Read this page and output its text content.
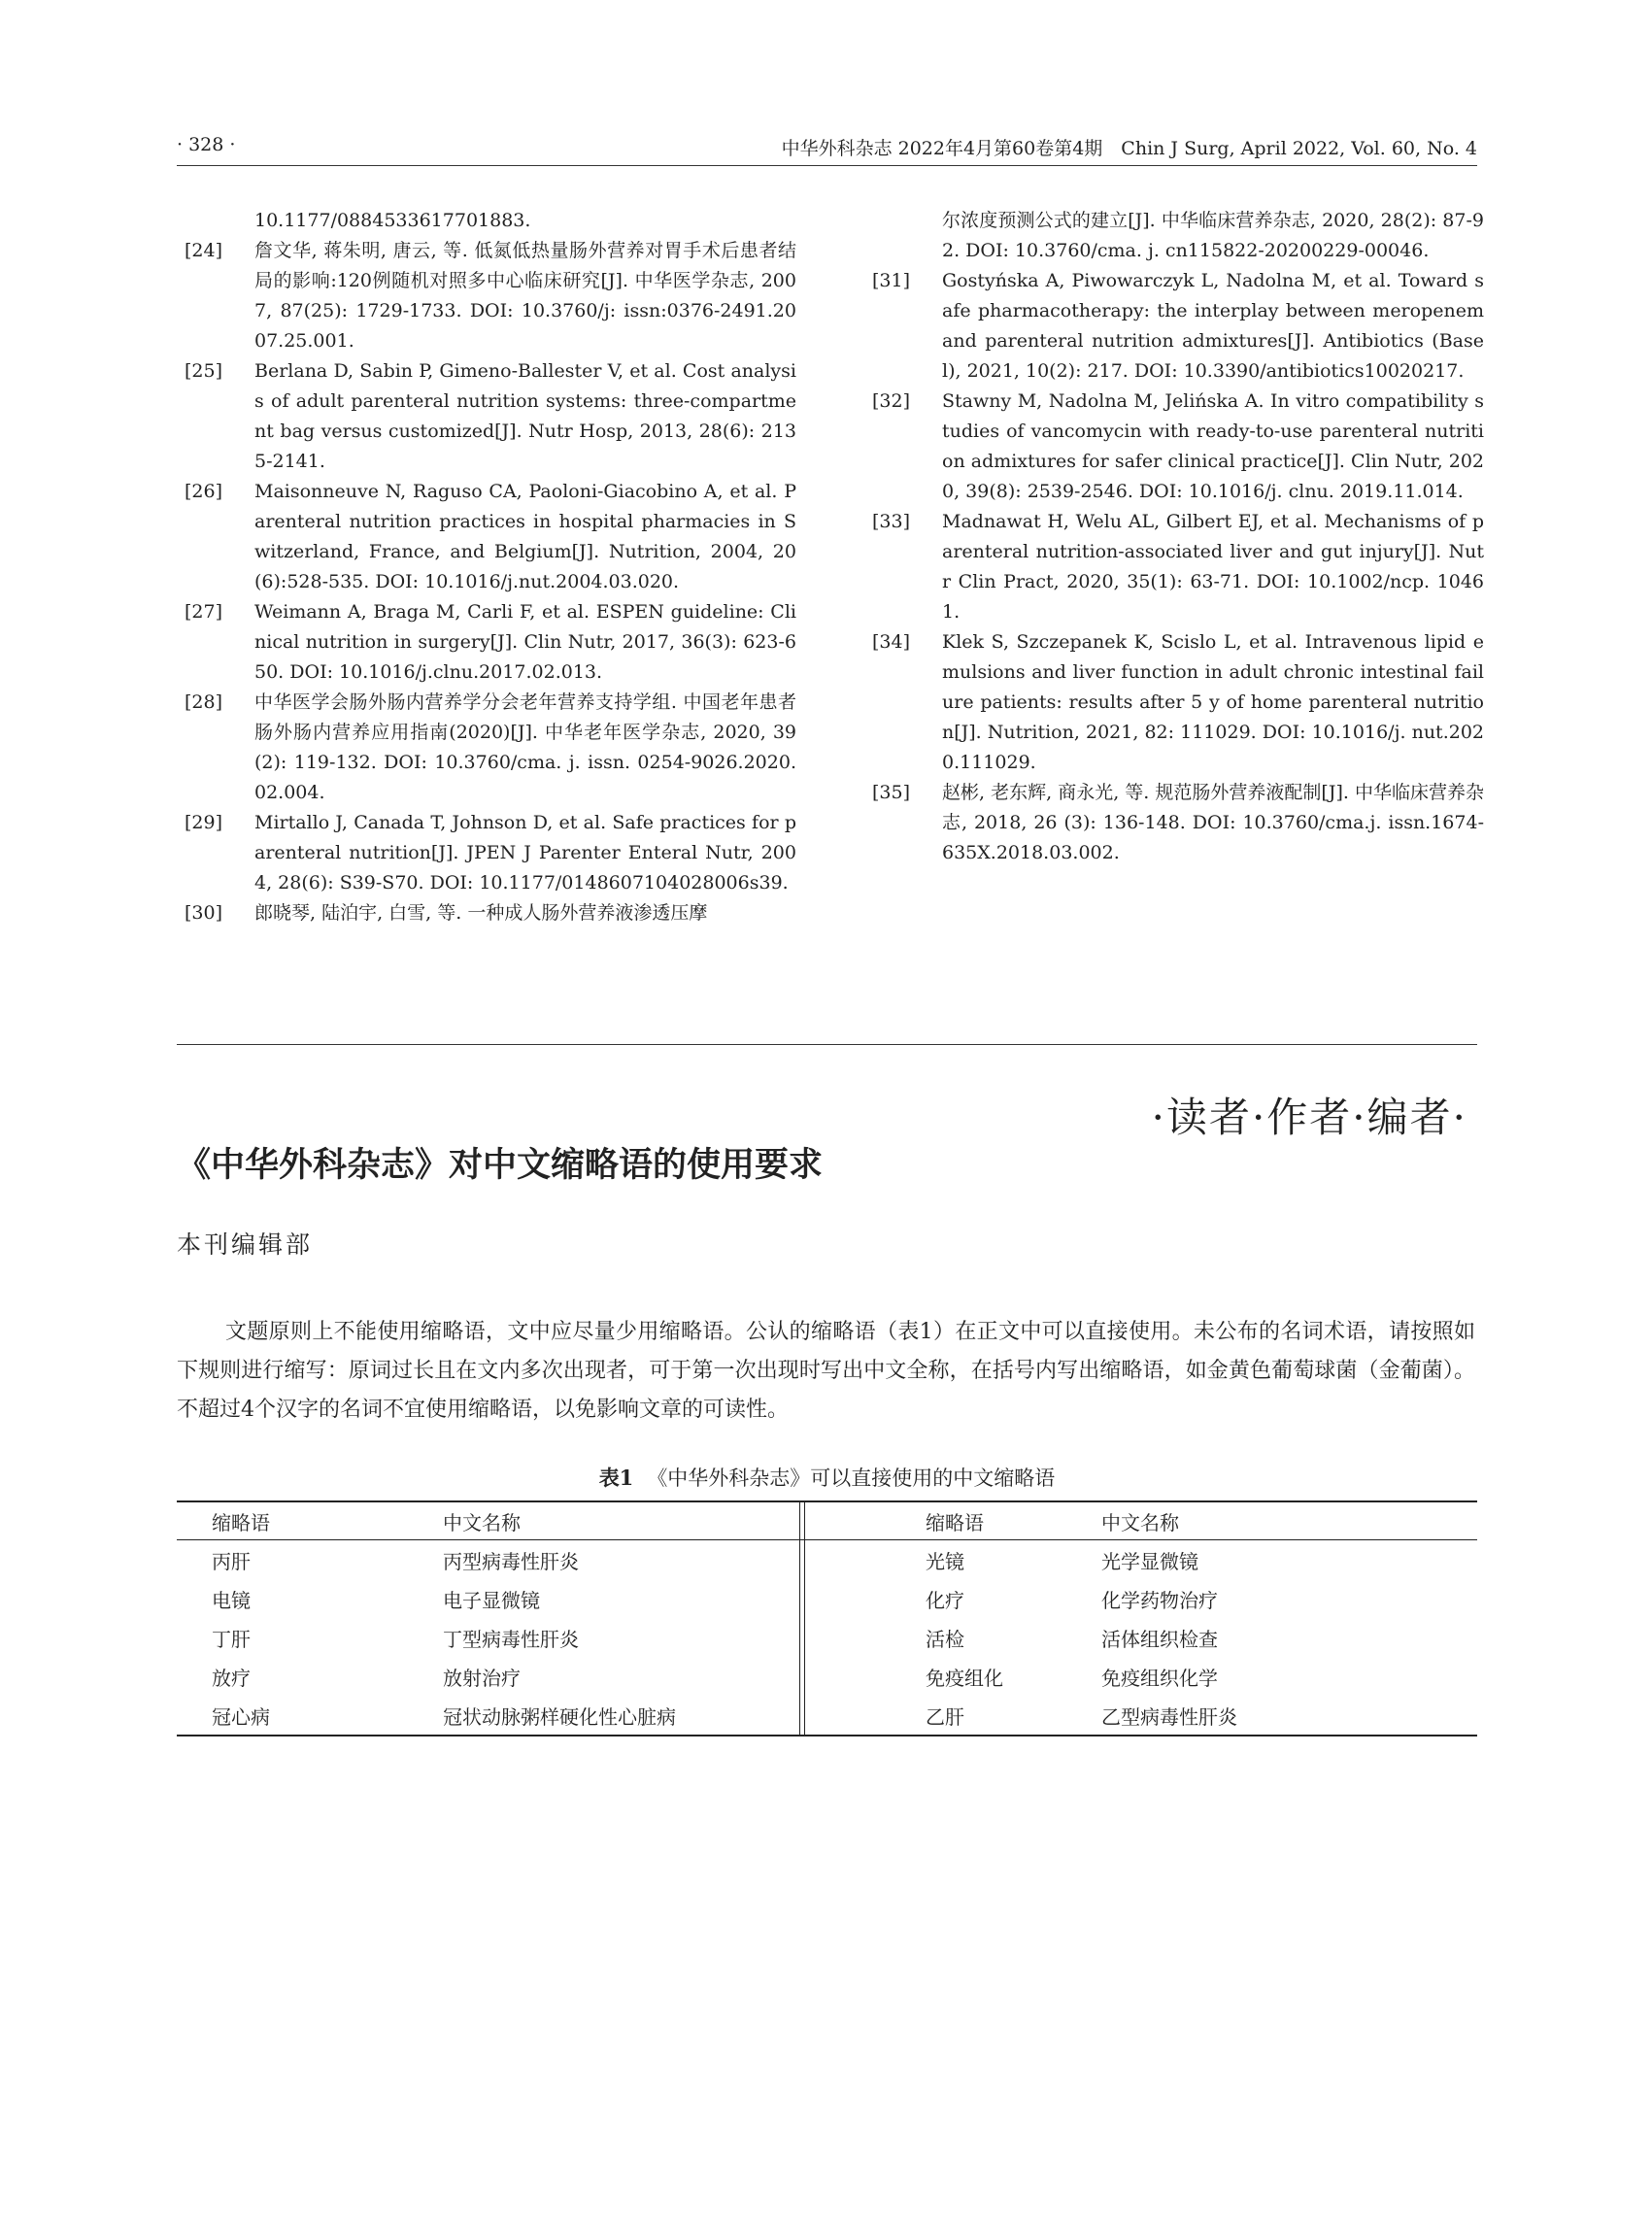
· 328 ·	中华外科杂志 2022年4月第60卷第4期　Chin J Surg, April 2022, Vol. 60, No. 4

10.1177/0884533617701883.

[24] 詹文华, 蒋朱明, 唐云, 等. 低氮低热量肠外营养对胃手术后患者结局的影响:120例随机对照多中心临床研究[J]. 中华医学杂志, 2007, 87(25): 1729-1733. DOI: 10.3760/j: issn:0376-2491.2007.25.001.

[25] Berlana D, Sabin P, Gimeno-Ballester V, et al. Cost analysis of adult parenteral nutrition systems: three-compartment bag versus customized[J]. Nutr Hosp, 2013, 28(6): 2135-2141.

[26] Maisonneuve N, Raguso CA, Paoloni-Giacobino A, et al. Parenteral nutrition practices in hospital pharmacies in Switzerland, France, and Belgium[J]. Nutrition, 2004, 20(6):528-535. DOI: 10.1016/j.nut.2004.03.020.

[27] Weimann A, Braga M, Carli F, et al. ESPEN guideline: Clinical nutrition in surgery[J]. Clin Nutr, 2017, 36(3): 623-650. DOI: 10.1016/j.clnu.2017.02.013.

[28] 中华医学会肠外肠内营养学分会老年营养支持学组. 中国老年患者肠外肠内营养应用指南(2020)[J]. 中华老年医学杂志, 2020, 39(2): 119-132. DOI: 10.3760/cma. j. issn. 0254-9026.2020.02.004.

[29] Mirtallo J, Canada T, Johnson D, et al. Safe practices for parenteral nutrition[J]. JPEN J Parenter Enteral Nutr, 2004, 28(6): S39-S70. DOI: 10.1177/0148607104028006s39.

[30] 郎晓琴, 陆泊宇, 白雪, 等. 一种成人肠外营养液渗透压摩

尔浓度预测公式的建立[J]. 中华临床营养杂志, 2020, 28(2): 87-92. DOI: 10.3760/cma. j. cn115822-20200229-00046.

[31] Gostyńska A, Piwowarczyk L, Nadolna M, et al. Toward safe pharmacotherapy: the interplay between meropenem and parenteral nutrition admixtures[J]. Antibiotics (Basel), 2021, 10(2): 217. DOI: 10.3390/antibiotics10020217.

[32] Stawny M, Nadolna M, Jelińska A. In vitro compatibility studies of vancomycin with ready-to-use parenteral nutrition admixtures for safer clinical practice[J]. Clin Nutr, 2020, 39(8): 2539-2546. DOI: 10.1016/j. clnu. 2019.11.014.

[33] Madnawat H, Welu AL, Gilbert EJ, et al. Mechanisms of parenteral nutrition-associated liver and gut injury[J]. Nutr Clin Pract, 2020, 35(1): 63-71. DOI: 10.1002/ncp. 10461.

[34] Klek S, Szczepanek K, Scislo L, et al. Intravenous lipid emulsions and liver function in adult chronic intestinal failure patients: results after 5 y of home parenteral nutrition[J]. Nutrition, 2021, 82: 111029. DOI: 10.1016/j. nut.2020.111029.

[35] 赵彬, 老东辉, 商永光, 等. 规范肠外营养液配制[J]. 中华临床营养杂志, 2018, 26 (3): 136-148. DOI: 10.3760/cma.j. issn.1674-635X.2018.03.002.

·读者·作者·编者·
《中华外科杂志》对中文缩略语的使用要求
本刊编辑部

文题原则上不能使用缩略语，文中应尽量少用缩略语。公认的缩略语（表1）在正文中可以直接使用。未公布的名词术语，请按照如下规则进行缩写：原词过长且在文内多次出现者，可于第一次出现时写出中文全称，在括号内写出缩略语，如金黄色葡萄球菌（金葡菌）。不超过4个汉字的名词不宜使用缩略语，以免影响文章的可读性。

表1 《中华外科杂志》可以直接使用的中文缩略语
缩略语	中文名称		缩略语	中文名称
丙肝	丙型病毒性肝炎		光镜	光学显微镜
电镜	电子显微镜		化疗	化学药物治疗
丁肝	丁型病毒性肝炎		活检	活体组织检查
放疗	放射治疗		免疫组化	免疫组织化学
冠心病	冠状动脉粥样硬化性心脏病		乙肝	乙型病毒性肝炎
